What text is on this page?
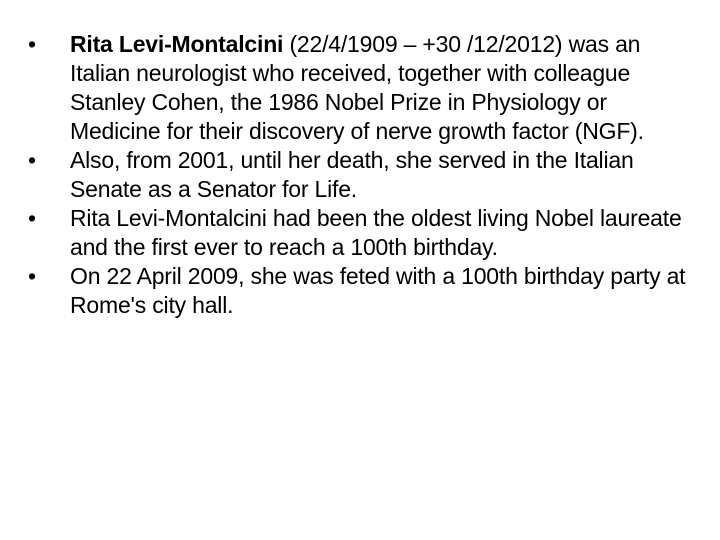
•	Rita Levi-Montalcini (22/4/1909 – +30 /12/2012) was an Italian neurologist who received, together with colleague Stanley Cohen, the 1986 Nobel Prize in Physiology or Medicine for their discovery of nerve growth factor (NGF).
•	Also, from 2001, until her death, she served in the Italian Senate as a Senator for Life.
•	Rita Levi-Montalcini had been the oldest living Nobel laureate and the first ever to reach a 100th birthday.
•	On 22 April 2009, she was feted with a 100th birthday party at Rome's city hall.
